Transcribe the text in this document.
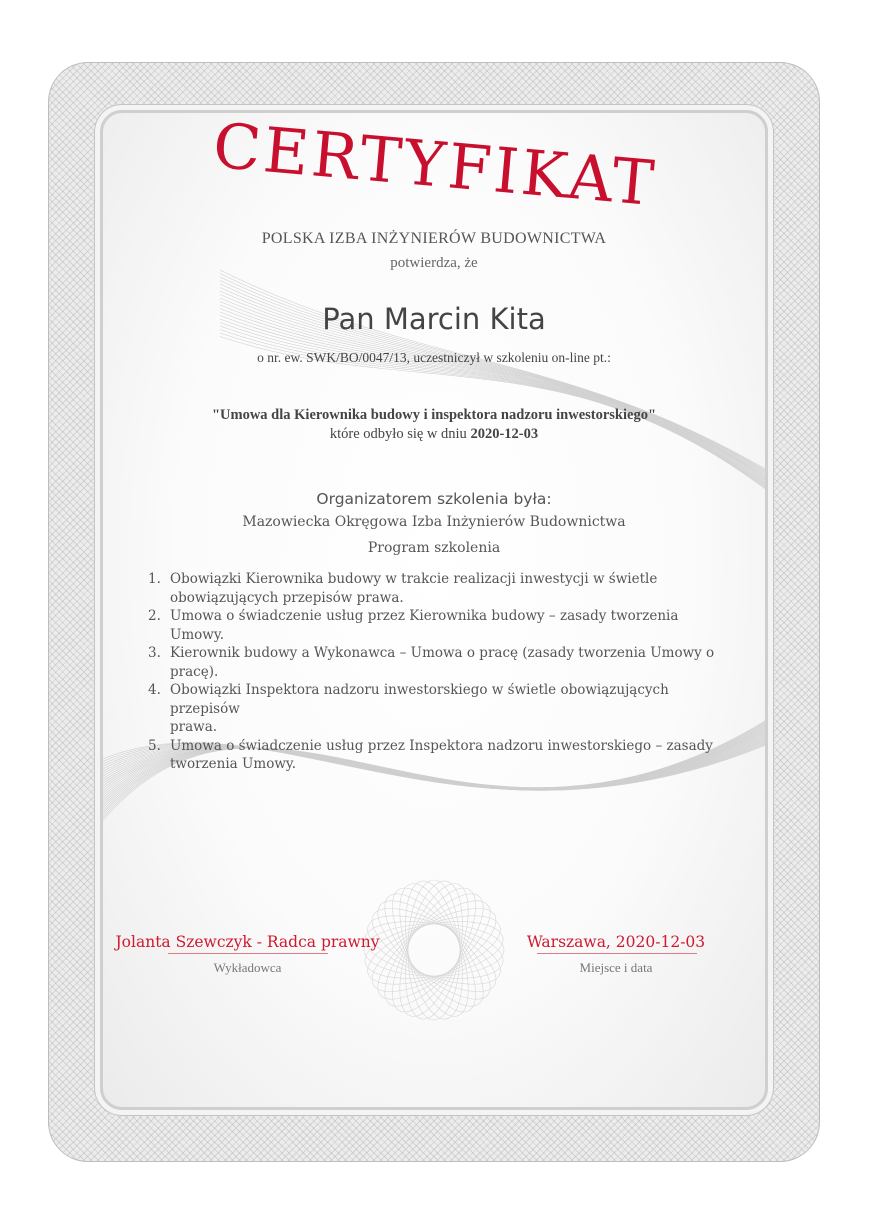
CERTYFIKAT
POLSKA IZBA INŻYNIERÓW BUDOWNICTWA
potwierdza, że
Pan Marcin Kita
o nr. ew. SWK/BO/0047/13, uczestniczył w szkoleniu on-line pt.:
"Umowa dla Kierownika budowy i inspektora nadzoru inwestorskiego"
które odbyło się w dniu 2020-12-03
Organizatorem szkolenia była:
Mazowiecka Okręgowa Izba Inżynierów Budownictwa
Program szkolenia
1. Obowiązki Kierownika budowy w trakcie realizacji inwestycji w świetle
obowiązujących przepisów prawa.
2. Umowa o świadczenie usług przez Kierownika budowy – zasady tworzenia Umowy.
3. Kierownik budowy a Wykonawca – Umowa o pracę (zasady tworzenia Umowy o
pracę).
4. Obowiązki Inspektora nadzoru inwestorskiego w świetle obowiązujących przepisów
prawa.
5. Umowa o świadczenie usług przez Inspektora nadzoru inwestorskiego – zasady
tworzenia Umowy.
Jolanta Szewczyk - Radca prawny
Wykładowca
Warszawa, 2020-12-03
Miejsce i data
